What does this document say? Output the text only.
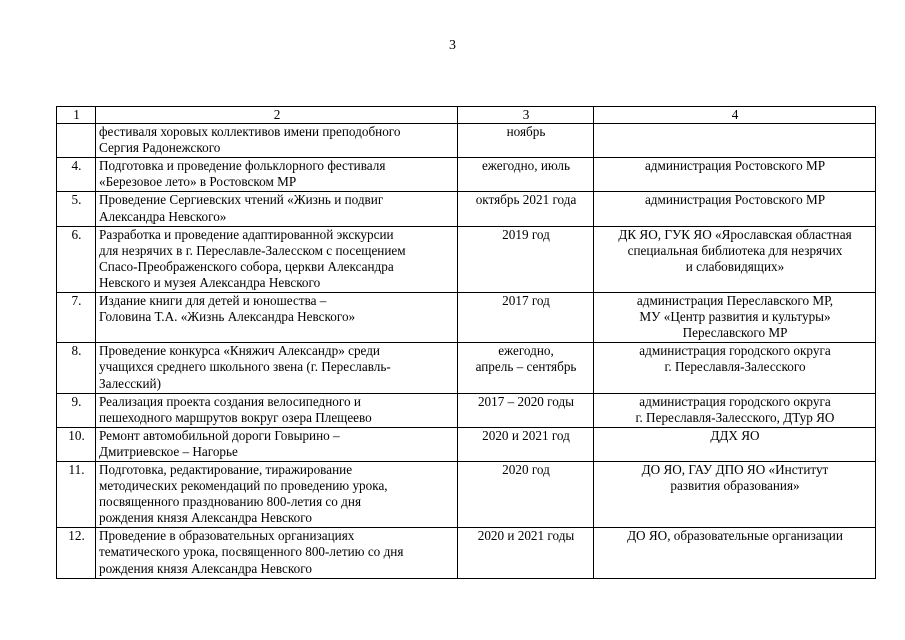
3
1	2	3	4

	фестиваля хоровых коллективов имени преподобного
Сергия Радонежского	ноябрь	

4.	Подготовка и проведение фольклорного фестиваля
«Березовое лето» в Ростовском МР	ежегодно, июль	администрация Ростовского МР

5.	Проведение Сергиевских чтений «Жизнь и подвиг
Александра Невского»	октябрь 2021 года	администрация Ростовского МР

6.	Разработка и проведение адаптированной экскурсии
для незрячих в г. Переславле-Залесском с посещением
Спасо-Преображенского собора, церкви Александра
Невского и музея Александра Невского	2019 год	ДК ЯО, ГУК ЯО «Ярославская областная
специальная библиотека для незрячих
и слабовидящих»

7.	Издание книги для детей и юношества –
Головина Т.А. «Жизнь Александра Невского»	2017 год	администрация Переславского МР,
МУ «Центр развития и культуры»
Переславского МР

8.	Проведение конкурса «Княжич Александр» среди
учащихся среднего школьного звена (г. Переславль-
Залесский)	ежегодно,
апрель – сентябрь	администрация городского округа
г. Переславля-Залесского

9.	Реализация проекта создания велосипедного и
пешеходного маршрутов вокруг озера Плещеево	2017 – 2020 годы	администрация городского округа
г. Переславля-Залесского, ДТур ЯО

10.	Ремонт автомобильной дороги Говырино –
Дмитриевское – Нагорье	2020 и 2021 год	ДДХ ЯО

11.	Подготовка, редактирование, тиражирование
методических рекомендаций по проведению урока,
посвященного празднованию 800-летия со дня
рождения князя Александра Невского	2020 год	ДО ЯО, ГАУ ДПО ЯО «Институт
развития образования»

12.	Проведение в образовательных организациях
тематического урока, посвященного 800-летию со дня
рождения князя Александра Невского	2020 и 2021 годы	ДО ЯО, образовательные организации
